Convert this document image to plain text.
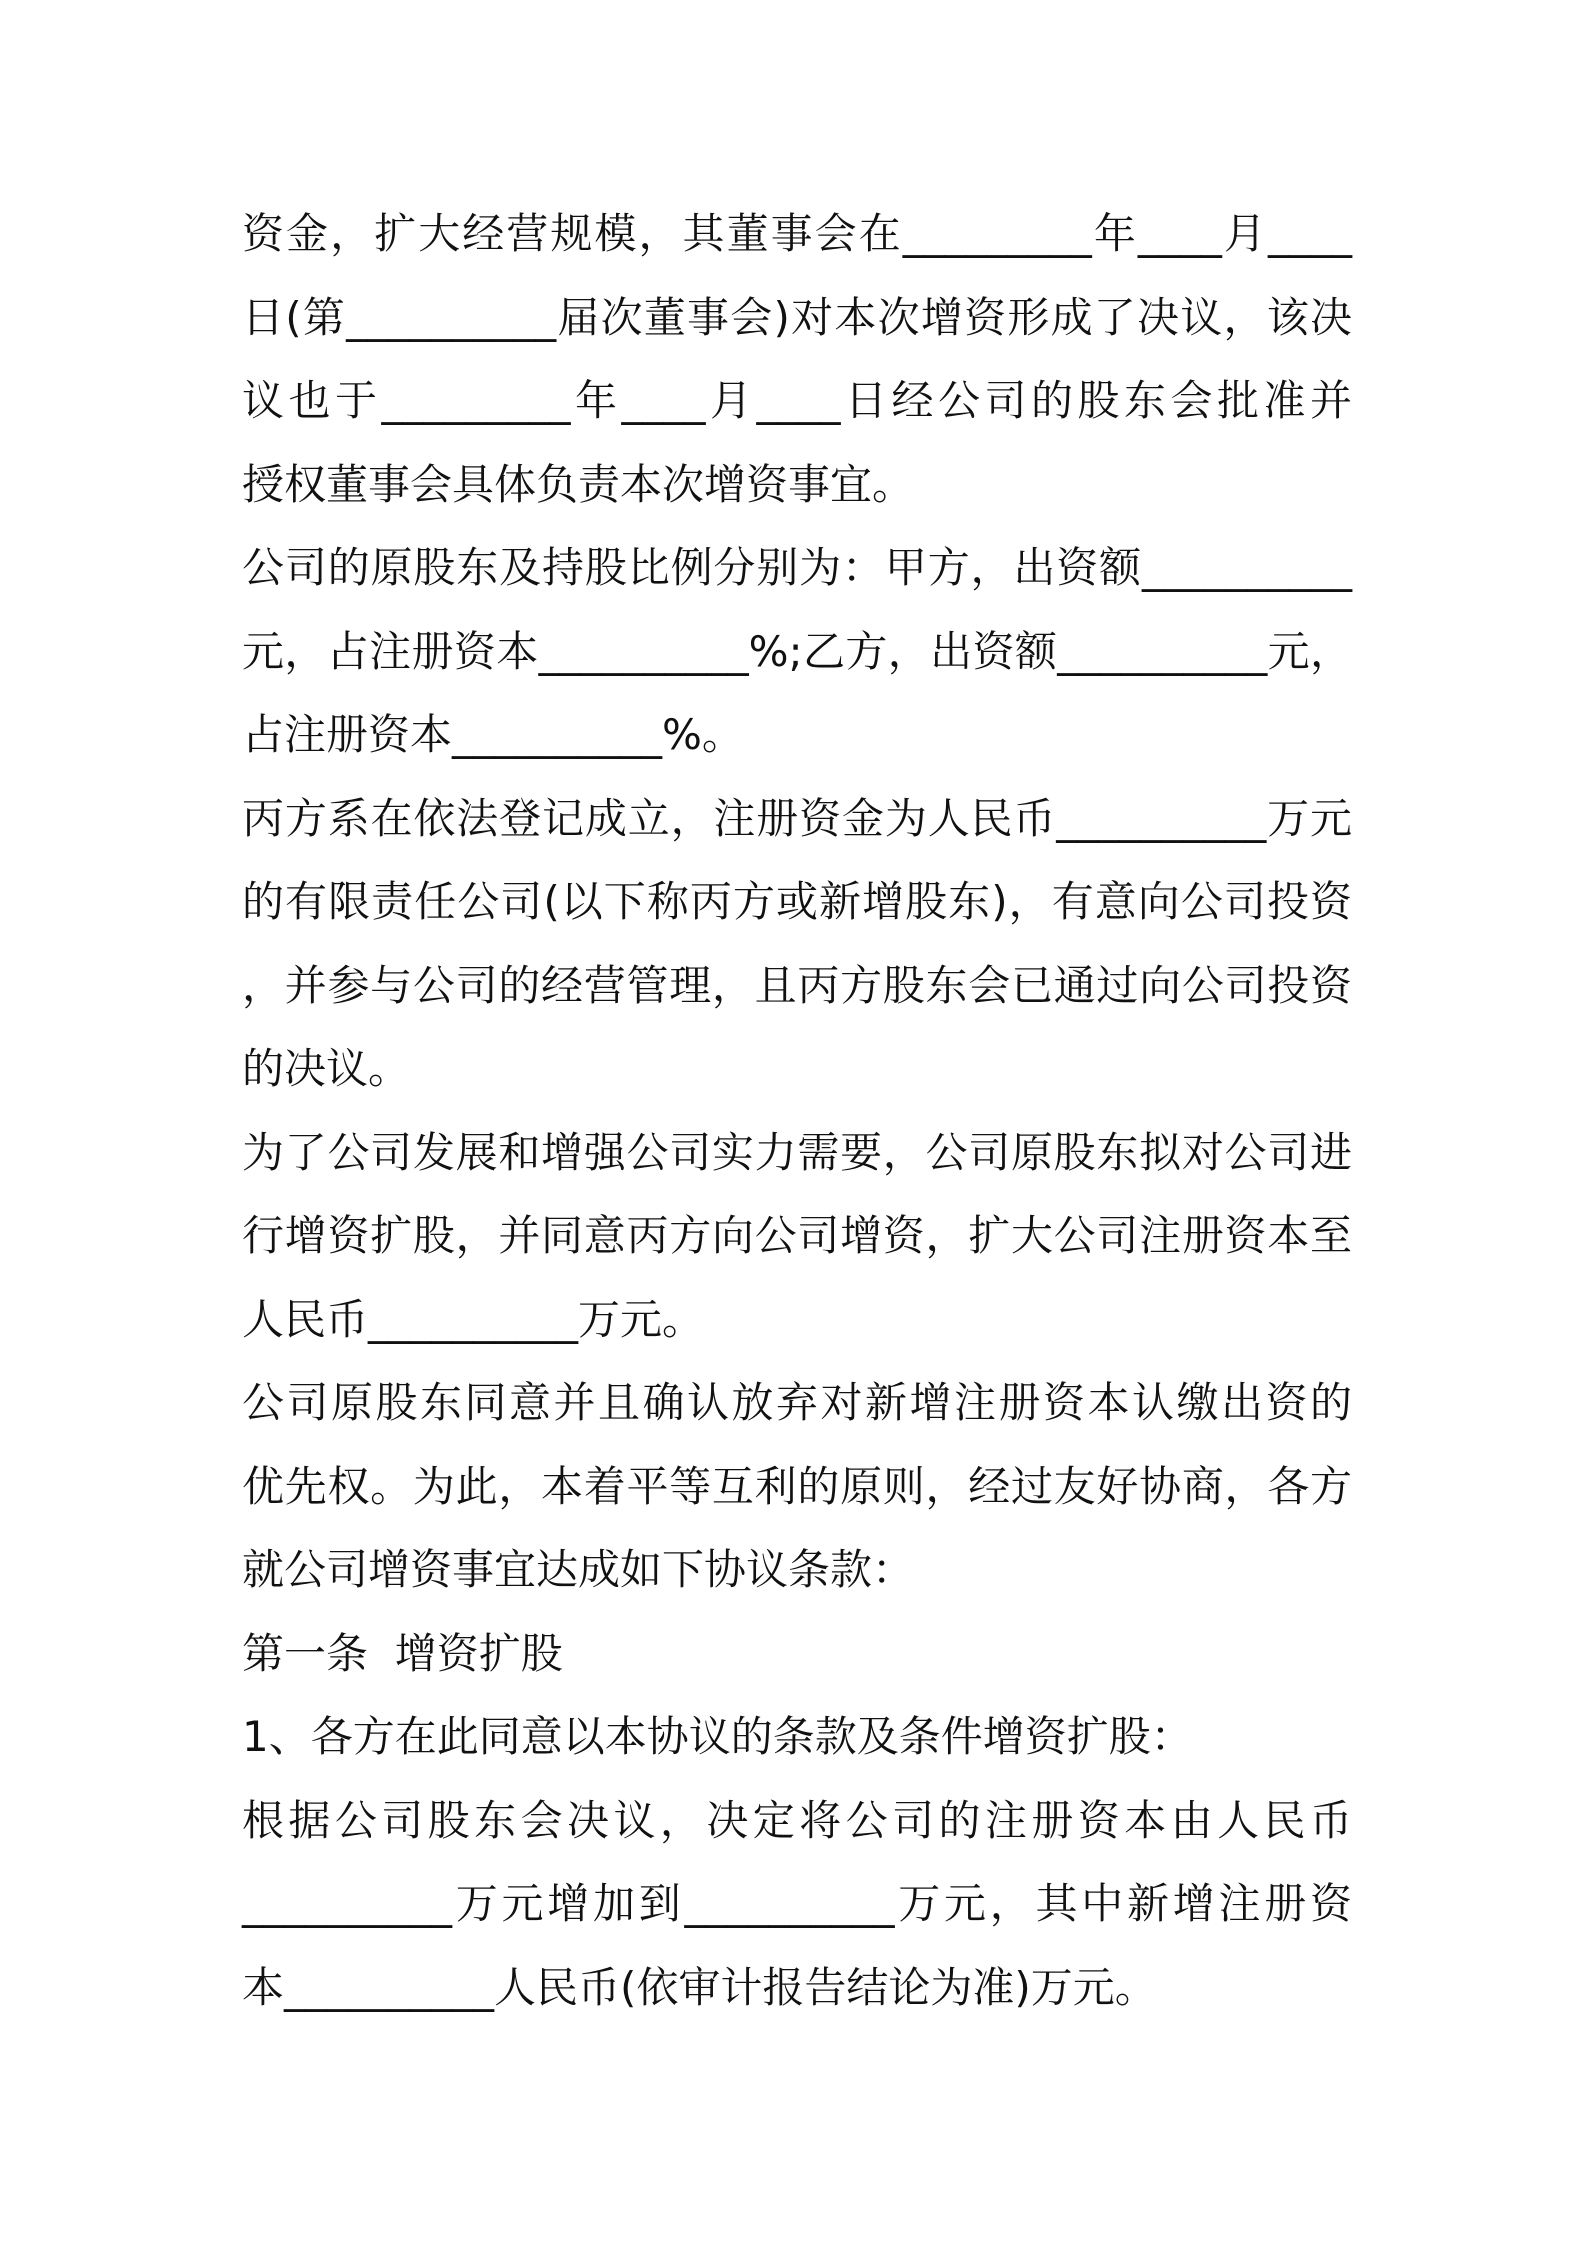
资金，扩大经营规模，其董事会在_________年____月____
日(第__________届次董事会)对本次增资形成了决议，该决
议也于_________年____月____日经公司的股东会批准并
授权董事会具体负责本次增资事宜。
公司的原股东及持股比例分别为：甲方，出资额__________
元，占注册资本__________%;乙方，出资额__________元，
占注册资本__________%。
丙方系在依法登记成立，注册资金为人民币__________万元
的有限责任公司(以下称丙方或新增股东)，有意向公司投资
，并参与公司的经营管理，且丙方股东会已通过向公司投资
的决议。
为了公司发展和增强公司实力需要，公司原股东拟对公司进
行增资扩股，并同意丙方向公司增资，扩大公司注册资本至
人民币__________万元。
公司原股东同意并且确认放弃对新增注册资本认缴出资的
优先权。为此，本着平等互利的原则，经过友好协商，各方
就公司增资事宜达成如下协议条款：
第一条  增资扩股
1、各方在此同意以本协议的条款及条件增资扩股：
根据公司股东会决议，决定将公司的注册资本由人民币
__________万元增加到__________万元，其中新增注册资
本__________人民币(依审计报告结论为准)万元。
